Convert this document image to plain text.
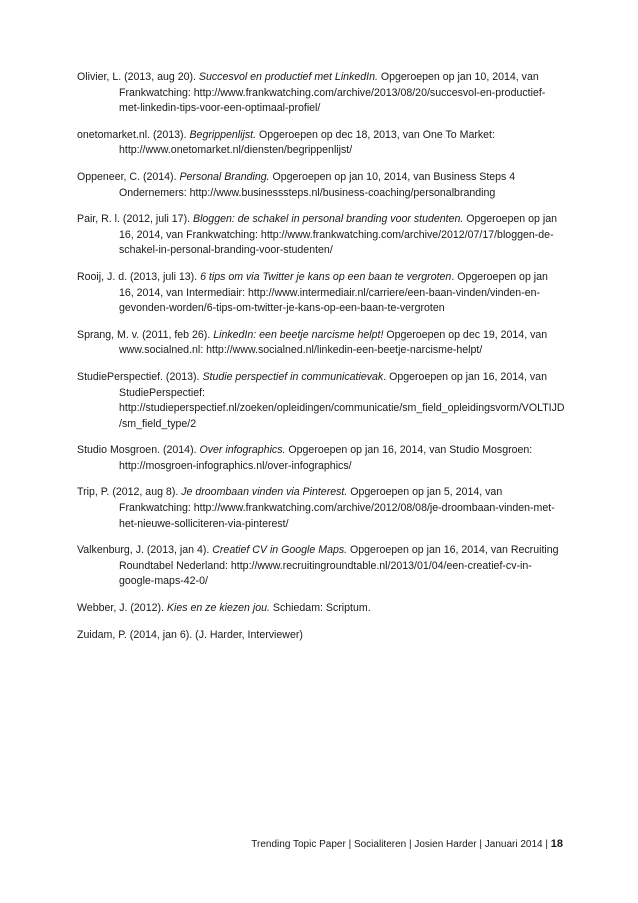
Olivier, L. (2013, aug 20). Succesvol en productief met LinkedIn. Opgeroepen op jan 10, 2014, van Frankwatching: http://www.frankwatching.com/archive/2013/08/20/succesvol-en-productief-met-linkedin-tips-voor-een-optimaal-profiel/

onetomarket.nl. (2013). Begrippenlijst. Opgeroepen op dec 18, 2013, van One To Market: http://www.onetomarket.nl/diensten/begrippenlijst/

Oppeneer, C. (2014). Personal Branding. Opgeroepen op jan 10, 2014, van Business Steps 4 Ondernemers: http://www.businesssteps.nl/business-coaching/personalbranding

Pair, R. l. (2012, juli 17). Bloggen: de schakel in personal branding voor studenten. Opgeroepen op jan 16, 2014, van Frankwatching: http://www.frankwatching.com/archive/2012/07/17/bloggen-de-schakel-in-personal-branding-voor-studenten/

Rooij, J. d. (2013, juli 13). 6 tips om via Twitter je kans op een baan te vergroten. Opgeroepen op jan 16, 2014, van Intermediair: http://www.intermediair.nl/carriere/een-baan-vinden/vinden-en-gevonden-worden/6-tips-om-twitter-je-kans-op-een-baan-te-vergroten

Sprang, M. v. (2011, feb 26). LinkedIn: een beetje narcisme helpt! Opgeroepen op dec 19, 2014, van www.socialned.nl: http://www.socialned.nl/linkedin-een-beetje-narcisme-helpt/

StudiePerspectief. (2013). Studie perspectief in communicatievak. Opgeroepen op jan 16, 2014, van StudiePerspectief: http://studieperspectief.nl/zoeken/opleidingen/communicatie/sm_field_opleidingsvorm/VOLTIJD/sm_field_type/2

Studio Mosgroen. (2014). Over infographics. Opgeroepen op jan 16, 2014, van Studio Mosgroen: http://mosgroen-infographics.nl/over-infographics/

Trip, P. (2012, aug 8). Je droombaan vinden via Pinterest. Opgeroepen op jan 5, 2014, van Frankwatching: http://www.frankwatching.com/archive/2012/08/08/je-droombaan-vinden-met-het-nieuwe-solliciteren-via-pinterest/

Valkenburg, J. (2013, jan 4). Creatief CV in Google Maps. Opgeroepen op jan 16, 2014, van Recruiting Roundtabel Nederland: http://www.recruitingroundtable.nl/2013/01/04/een-creatief-cv-in-google-maps-42-0/

Webber, J. (2012). Kies en ze kiezen jou. Schiedam: Scriptum.

Zuidam, P. (2014, jan 6). (J. Harder, Interviewer)

Trending Topic Paper | Socialiteren | Josien Harder | Januari 2014 | 18
